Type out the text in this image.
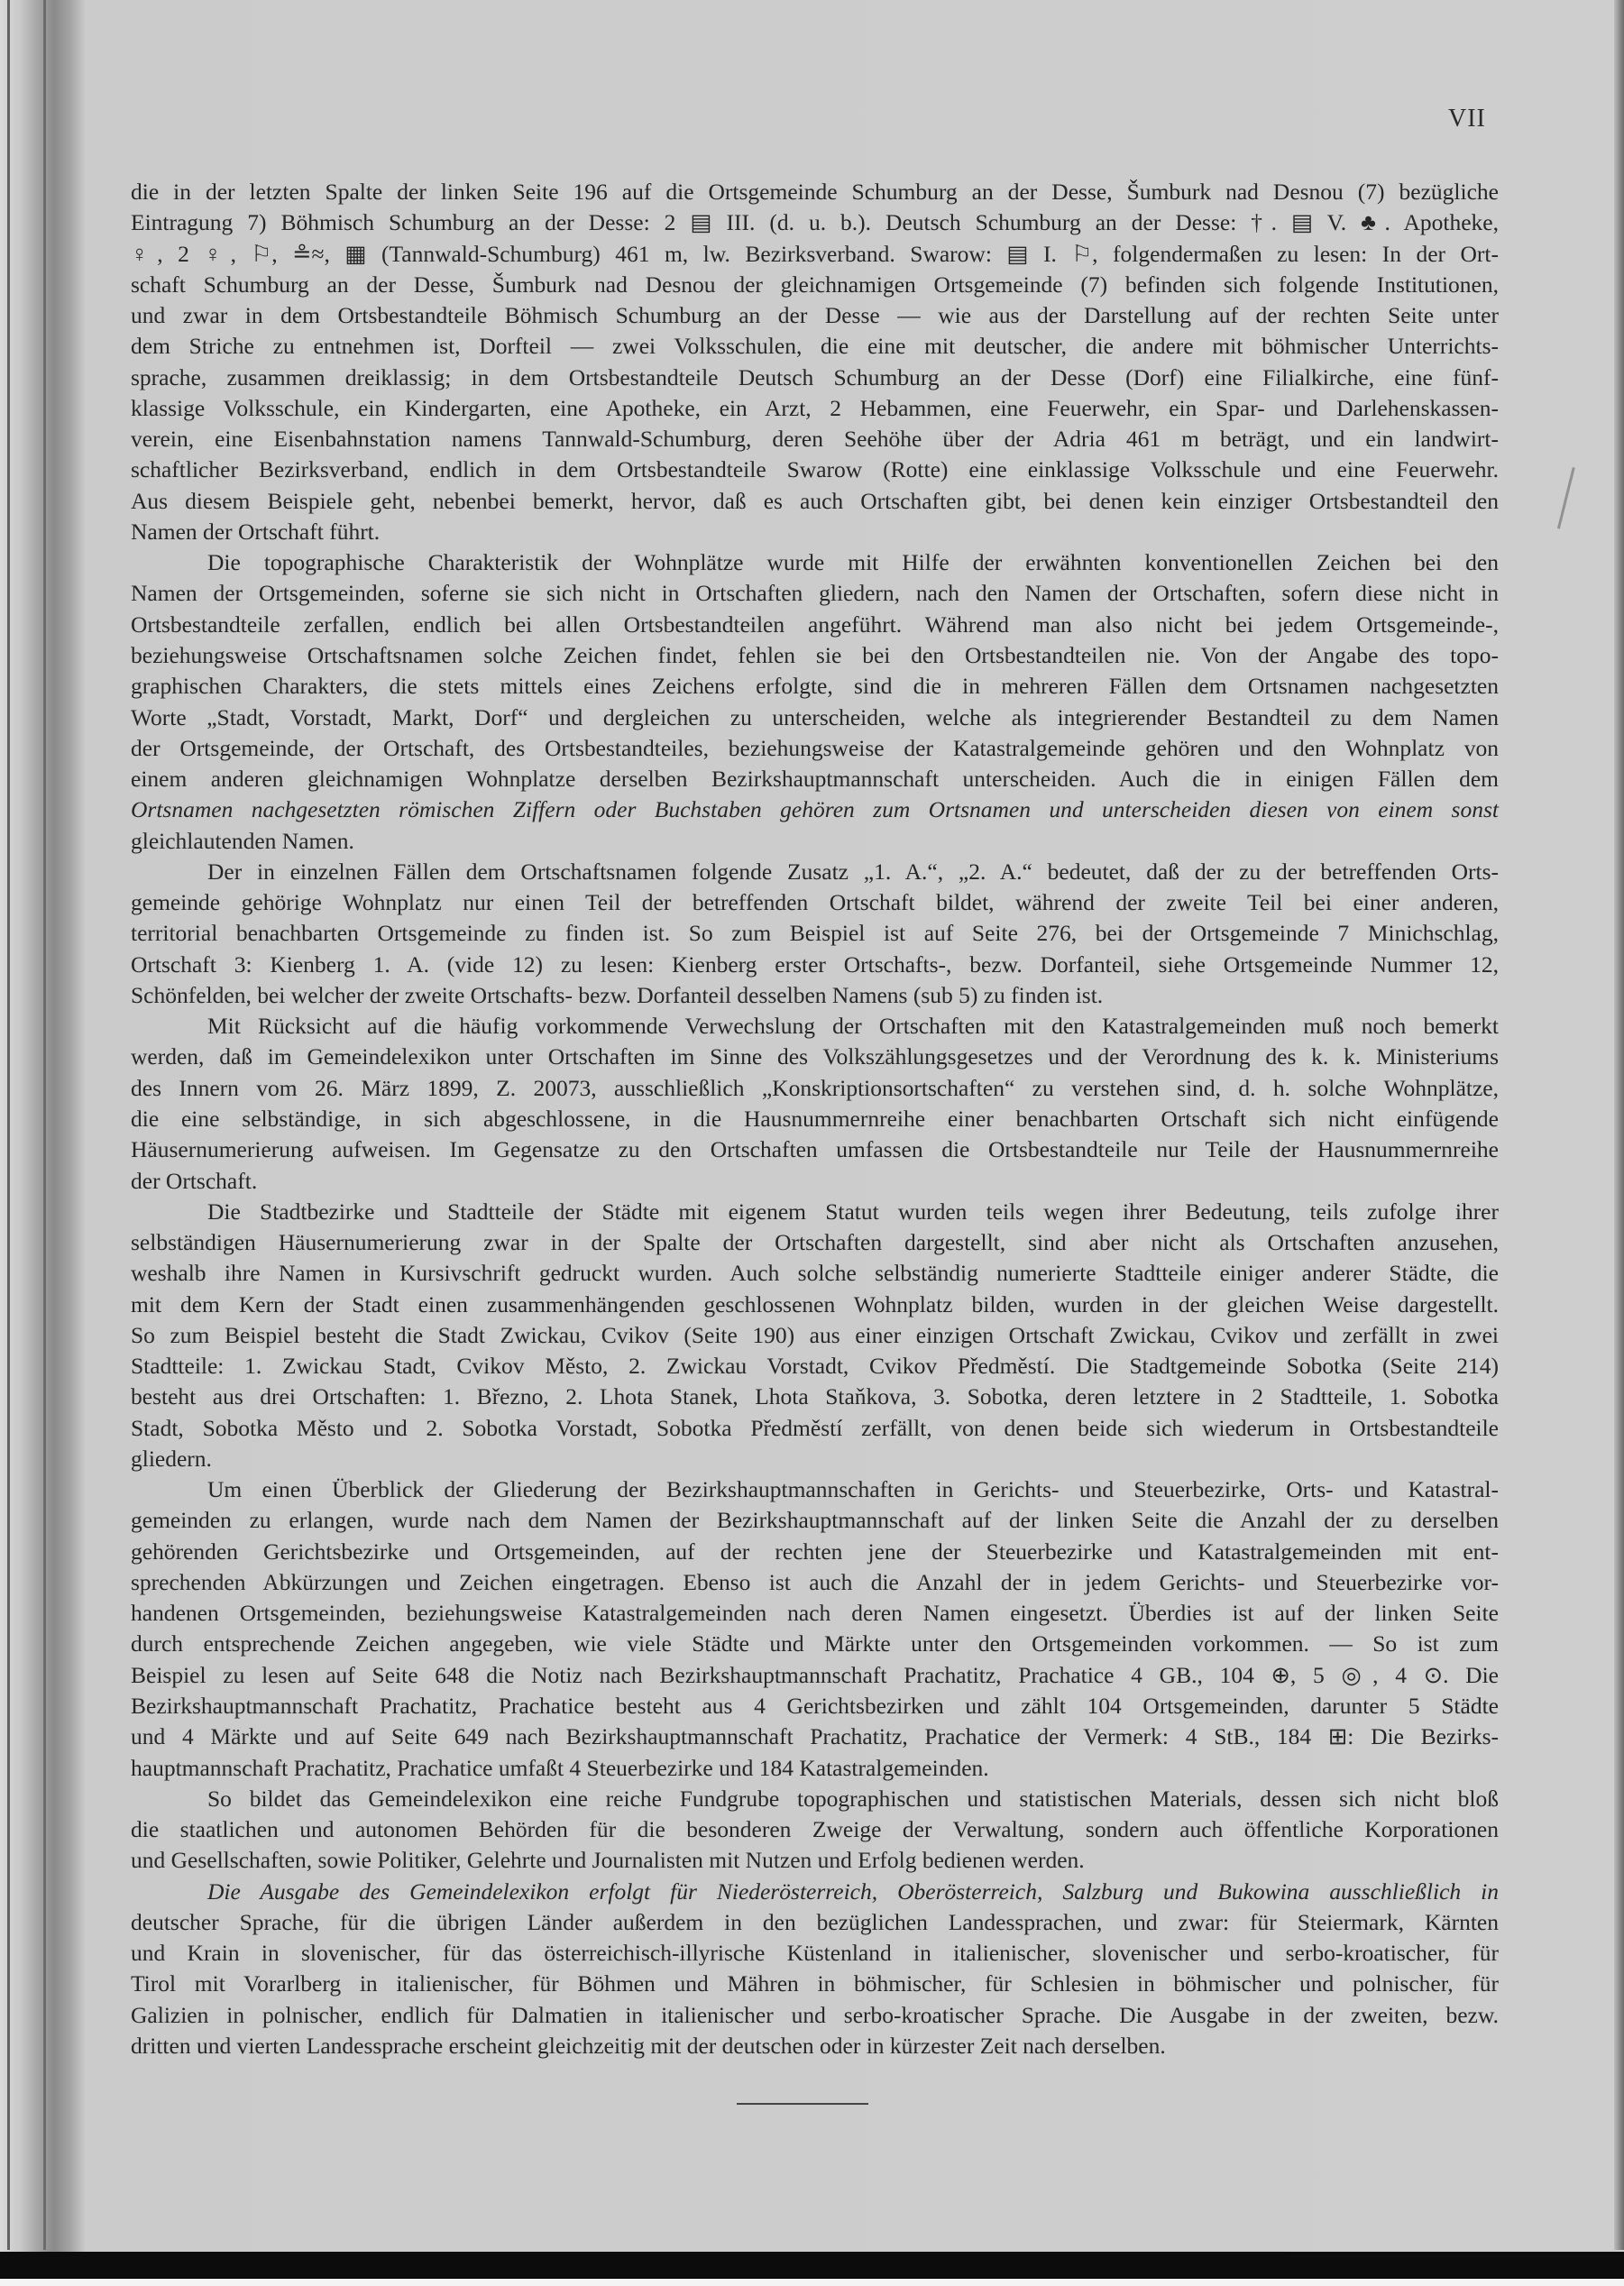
VII
die in der letzten Spalte der linken Seite 196 auf die Ortsgemeinde Schumburg an der Desse, Šumburk nad Desnou (7) bezügliche
Eintragung 7) Böhmisch Schumburg an der Desse: 2 ▤ III. (d. u. b.). Deutsch Schumburg an der Desse: †. ▤ V. ♣. Apotheke,
♀, 2 ♀, ⚐, ≗≈, ▦ (Tannwald-Schumburg) 461 m, lw. Bezirksverband. Swarow: ▤ I. ⚐, folgendermaßen zu lesen: In der Ort-
schaft Schumburg an der Desse, Šumburk nad Desnou der gleichnamigen Ortsgemeinde (7) befinden sich folgende Institutionen,
und zwar in dem Ortsbestandteile Böhmisch Schumburg an der Desse — wie aus der Darstellung auf der rechten Seite unter
dem Striche zu entnehmen ist, Dorfteil — zwei Volksschulen, die eine mit deutscher, die andere mit böhmischer Unterrichts-
sprache, zusammen dreiklassig; in dem Ortsbestandteile Deutsch Schumburg an der Desse (Dorf) eine Filialkirche, eine fünf-
klassige Volksschule, ein Kindergarten, eine Apotheke, ein Arzt, 2 Hebammen, eine Feuerwehr, ein Spar- und Darlehenskassen-
verein, eine Eisenbahnstation namens Tannwald-Schumburg, deren Seehöhe über der Adria 461 m beträgt, und ein landwirt-
schaftlicher Bezirksverband, endlich in dem Ortsbestandteile Swarow (Rotte) eine einklassige Volksschule und eine Feuerwehr.
Aus diesem Beispiele geht, nebenbei bemerkt, hervor, daß es auch Ortschaften gibt, bei denen kein einziger Ortsbestandteil den
Namen der Ortschaft führt.
Die topographische Charakteristik der Wohnplätze wurde mit Hilfe der erwähnten konventionellen Zeichen bei den
Namen der Ortsgemeinden, soferne sie sich nicht in Ortschaften gliedern, nach den Namen der Ortschaften, sofern diese nicht in
Ortsbestandteile zerfallen, endlich bei allen Ortsbestandteilen angeführt. Während man also nicht bei jedem Ortsgemeinde-,
beziehungsweise Ortschaftsnamen solche Zeichen findet, fehlen sie bei den Ortsbestandteilen nie. Von der Angabe des topo-
graphischen Charakters, die stets mittels eines Zeichens erfolgte, sind die in mehreren Fällen dem Ortsnamen nachgesetzten
Worte „Stadt, Vorstadt, Markt, Dorf“ und dergleichen zu unterscheiden, welche als integrierender Bestandteil zu dem Namen
der Ortsgemeinde, der Ortschaft, des Ortsbestandteiles, beziehungsweise der Katastralgemeinde gehören und den Wohnplatz von
einem anderen gleichnamigen Wohnplatze derselben Bezirkshauptmannschaft unterscheiden. Auch die in einigen Fällen dem
Ortsnamen nachgesetzten römischen Ziffern oder Buchstaben gehören zum Ortsnamen und unterscheiden diesen von einem sonst
gleichlautenden Namen.
Der in einzelnen Fällen dem Ortschaftsnamen folgende Zusatz „1. A.“, „2. A.“ bedeutet, daß der zu der betreffenden Orts-
gemeinde gehörige Wohnplatz nur einen Teil der betreffenden Ortschaft bildet, während der zweite Teil bei einer anderen,
territorial benachbarten Ortsgemeinde zu finden ist. So zum Beispiel ist auf Seite 276, bei der Ortsgemeinde 7 Minichschlag,
Ortschaft 3: Kienberg 1. A. (vide 12) zu lesen: Kienberg erster Ortschafts-, bezw. Dorfanteil, siehe Ortsgemeinde Nummer 12,
Schönfelden, bei welcher der zweite Ortschafts- bezw. Dorfanteil desselben Namens (sub 5) zu finden ist.
Mit Rücksicht auf die häufig vorkommende Verwechslung der Ortschaften mit den Katastralgemeinden muß noch bemerkt
werden, daß im Gemeindelexikon unter Ortschaften im Sinne des Volkszählungsgesetzes und der Verordnung des k. k. Ministeriums
des Innern vom 26. März 1899, Z. 20073, ausschließlich „Konskriptionsortschaften“ zu verstehen sind, d. h. solche Wohnplätze,
die eine selbständige, in sich abgeschlossene, in die Hausnummernreihe einer benachbarten Ortschaft sich nicht einfügende
Häusernumerierung aufweisen. Im Gegensatze zu den Ortschaften umfassen die Ortsbestandteile nur Teile der Hausnummernreihe
der Ortschaft.
Die Stadtbezirke und Stadtteile der Städte mit eigenem Statut wurden teils wegen ihrer Bedeutung, teils zufolge ihrer
selbständigen Häusernumerierung zwar in der Spalte der Ortschaften dargestellt, sind aber nicht als Ortschaften anzusehen,
weshalb ihre Namen in Kursivschrift gedruckt wurden. Auch solche selbständig numerierte Stadtteile einiger anderer Städte, die
mit dem Kern der Stadt einen zusammenhängenden geschlossenen Wohnplatz bilden, wurden in der gleichen Weise dargestellt.
So zum Beispiel besteht die Stadt Zwickau, Cvikov (Seite 190) aus einer einzigen Ortschaft Zwickau, Cvikov und zerfällt in zwei
Stadtteile: 1. Zwickau Stadt, Cvikov Město, 2. Zwickau Vorstadt, Cvikov Předměstí. Die Stadtgemeinde Sobotka (Seite 214)
besteht aus drei Ortschaften: 1. Březno, 2. Lhota Stanek, Lhota Staňkova, 3. Sobotka, deren letztere in 2 Stadtteile, 1. Sobotka
Stadt, Sobotka Město und 2. Sobotka Vorstadt, Sobotka Předměstí zerfällt, von denen beide sich wiederum in Ortsbestandteile
gliedern.
Um einen Überblick der Gliederung der Bezirkshauptmannschaften in Gerichts- und Steuerbezirke, Orts- und Katastral-
gemeinden zu erlangen, wurde nach dem Namen der Bezirkshauptmannschaft auf der linken Seite die Anzahl der zu derselben
gehörenden Gerichtsbezirke und Ortsgemeinden, auf der rechten jene der Steuerbezirke und Katastralgemeinden mit ent-
sprechenden Abkürzungen und Zeichen eingetragen. Ebenso ist auch die Anzahl der in jedem Gerichts- und Steuerbezirke vor-
handenen Ortsgemeinden, beziehungsweise Katastralgemeinden nach deren Namen eingesetzt. Überdies ist auf der linken Seite
durch entsprechende Zeichen angegeben, wie viele Städte und Märkte unter den Ortsgemeinden vorkommen. — So ist zum
Beispiel zu lesen auf Seite 648 die Notiz nach Bezirkshauptmannschaft Prachatitz, Prachatice 4 GB., 104 ⊕, 5 ◎, 4 ⊙. Die
Bezirkshauptmannschaft Prachatitz, Prachatice besteht aus 4 Gerichtsbezirken und zählt 104 Ortsgemeinden, darunter 5 Städte
und 4 Märkte und auf Seite 649 nach Bezirkshauptmannschaft Prachatitz, Prachatice der Vermerk: 4 StB., 184 ⊞: Die Bezirks-
hauptmannschaft Prachatitz, Prachatice umfaßt 4 Steuerbezirke und 184 Katastralgemeinden.
So bildet das Gemeindelexikon eine reiche Fundgrube topographischen und statistischen Materials, dessen sich nicht bloß
die staatlichen und autonomen Behörden für die besonderen Zweige der Verwaltung, sondern auch öffentliche Korporationen
und Gesellschaften, sowie Politiker, Gelehrte und Journalisten mit Nutzen und Erfolg bedienen werden.
Die Ausgabe des Gemeindelexikon erfolgt für Niederösterreich, Oberösterreich, Salzburg und Bukowina ausschließlich in
deutscher Sprache, für die übrigen Länder außerdem in den bezüglichen Landessprachen, und zwar: für Steiermark, Kärnten
und Krain in slovenischer, für das österreichisch-illyrische Küstenland in italienischer, slovenischer und serbo-kroatischer, für
Tirol mit Vorarlberg in italienischer, für Böhmen und Mähren in böhmischer, für Schlesien in böhmischer und polnischer, für
Galizien in polnischer, endlich für Dalmatien in italienischer und serbo-kroatischer Sprache. Die Ausgabe in der zweiten, bezw.
dritten und vierten Landessprache erscheint gleichzeitig mit der deutschen oder in kürzester Zeit nach derselben.
